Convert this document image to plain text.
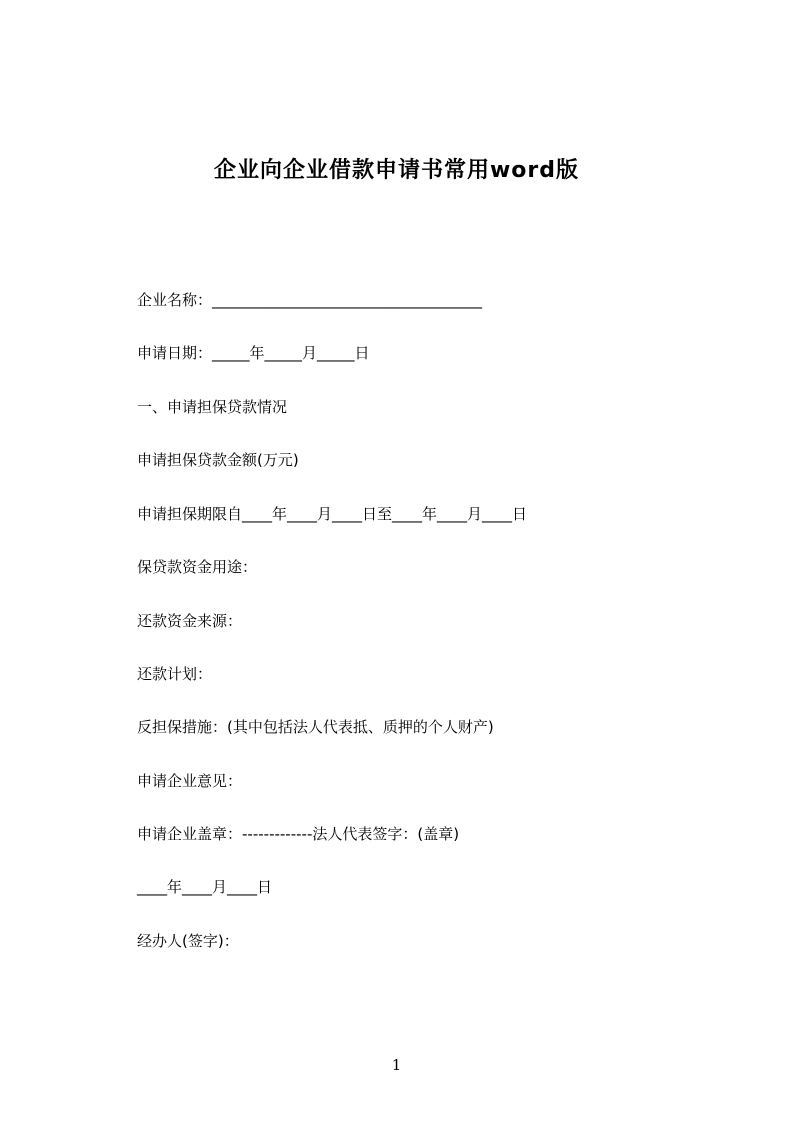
企业向企业借款申请书常用word版

企业名称：____________________________________

申请日期：_____年_____月_____日

一、申请担保贷款情况

申请担保贷款金额(万元)

申请担保期限自____年____月____日至____年____月____日

保贷款资金用途：

还款资金来源：

还款计划：

反担保措施：(其中包括法人代表抵、质押的个人财产)

申请企业意见：

申请企业盖章：-------------法人代表签字：(盖章)

____年____月____日

经办人(签字)：

1
